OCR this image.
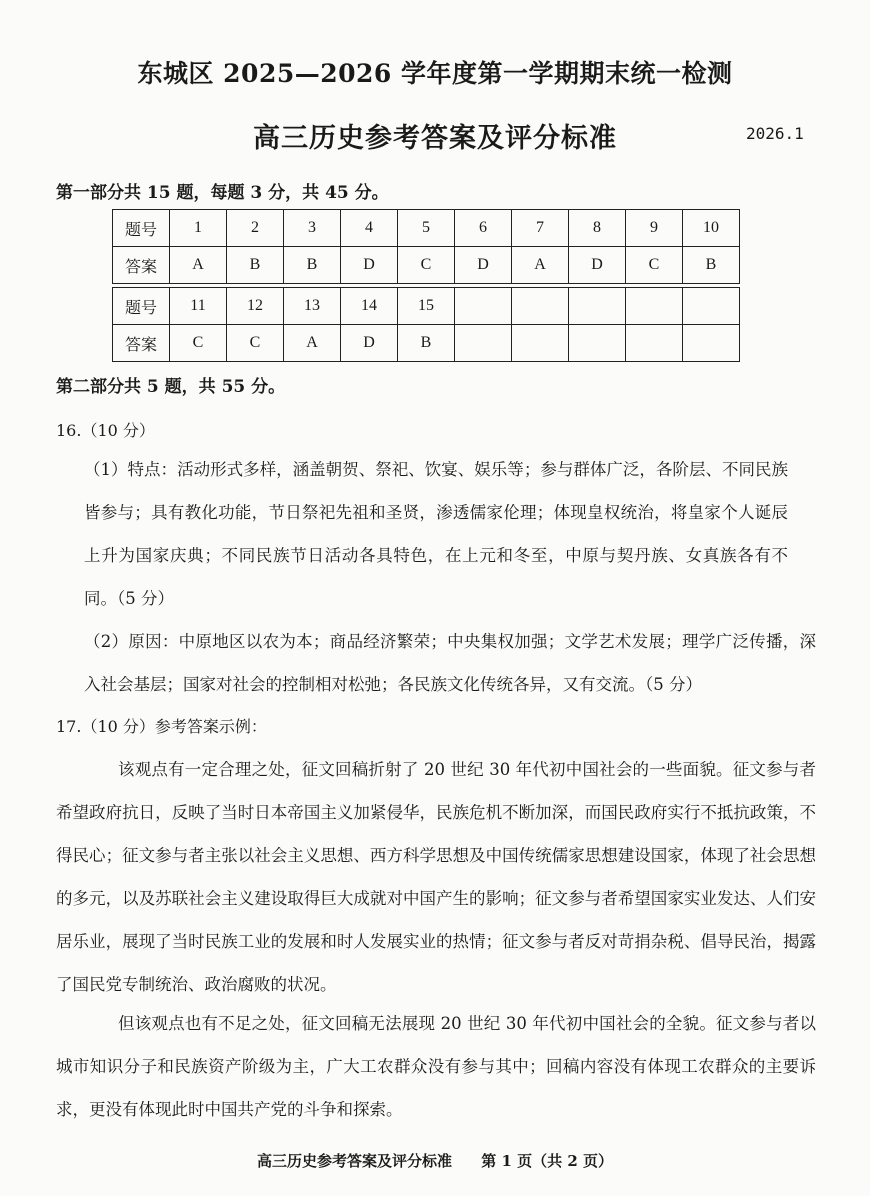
东城区 2025—2026 学年度第一学期期末统一检测
高三历史参考答案及评分标准	2026.1
第一部分共 15 题，每题 3 分，共 45 分。
题号	1	2	3	4	5	6	7	8	9	10
答案	A	B	B	D	C	D	A	D	C	B
题号	11	12	13	14	15					
答案	C	C	A	D	B					
第二部分共 5 题，共 55 分。
16.（10 分）
（1）特点：活动形式多样，涵盖朝贺、祭祀、饮宴、娱乐等；参与群体广泛，各阶层、不同民族皆参与；具有教化功能，节日祭祀先祖和圣贤，渗透儒家伦理；体现皇权统治，将皇家个人诞辰上升为国家庆典；不同民族节日活动各具特色，在上元和冬至，中原与契丹族、女真族各有不同。（5 分）
（2）原因：中原地区以农为本；商品经济繁荣；中央集权加强；文学艺术发展；理学广泛传播，深入社会基层；国家对社会的控制相对松弛；各民族文化传统各异，又有交流。（5 分）
17.（10 分）参考答案示例：
该观点有一定合理之处，征文回稿折射了 20 世纪 30 年代初中国社会的一些面貌。征文参与者希望政府抗日，反映了当时日本帝国主义加紧侵华，民族危机不断加深，而国民政府实行不抵抗政策，不得民心；征文参与者主张以社会主义思想、西方科学思想及中国传统儒家思想建设国家，体现了社会思想的多元，以及苏联社会主义建设取得巨大成就对中国产生的影响；征文参与者希望国家实业发达、人们安居乐业，展现了当时民族工业的发展和时人发展实业的热情；征文参与者反对苛捐杂税、倡导民治，揭露了国民党专制统治、政治腐败的状况。
但该观点也有不足之处，征文回稿无法展现 20 世纪 30 年代初中国社会的全貌。征文参与者以城市知识分子和民族资产阶级为主，广大工农群众没有参与其中；回稿内容没有体现工农群众的主要诉求，更没有体现此时中国共产党的斗争和探索。
高三历史参考答案及评分标准 第 1 页（共 2 页）
